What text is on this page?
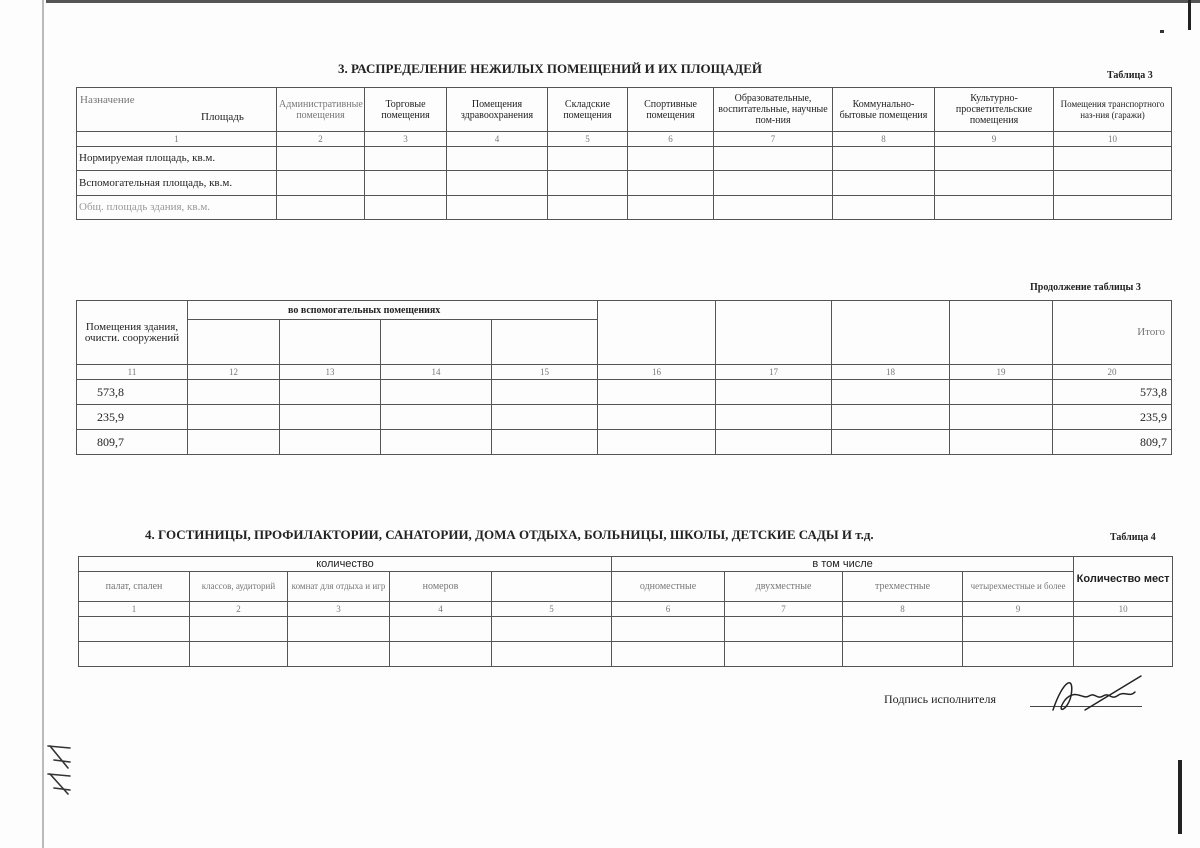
3. РАСПРЕДЕЛЕНИЕ НЕЖИЛЫХ ПОМЕЩЕНИЙ И ИХ ПЛОЩАДЕЙ	Таблица 3
Назначение
Площадь	Административные помещения	Торговые помещения	Помещения здравоохранения	Складские помещения	Спортивные помещения	Образовательные, воспитательные, научные пом-ния	Коммунально-бытовые помещения	Культурно-просветительские помещения	Помещения транспортного наз-ния (гаражи)
1	2	3	4	5	6	7	8	9	10
Нормируемая площадь, кв.м.									
Вспомогательная площадь, кв.м.									
Общ. площадь здания, кв.м.									
Продолжение таблицы 3
Помещения здания, очисти. сооружений	во вспомогательных помещениях								Итого

11	12	13	14	15	16	17	18	19	20
573,8									573,8
235,9									235,9
809,7									809,7
4. ГОСТИНИЦЫ, ПРОФИЛАКТОРИИ, САНАТОРИИ, ДОМА ОТДЫХА, БОЛЬНИЦЫ, ШКОЛЫ, ДЕТСКИЕ САДЫ И т.д.	Таблица 4
количество					в том числе				Количество мест
палат, спален	классов, аудиторий	комнат для отдыха и игр	номеров		одноместные	двухместные	трехместные	четырехместные и более	
1	2	3	4	5	6	7	8	9	10

Подпись исполнителя
